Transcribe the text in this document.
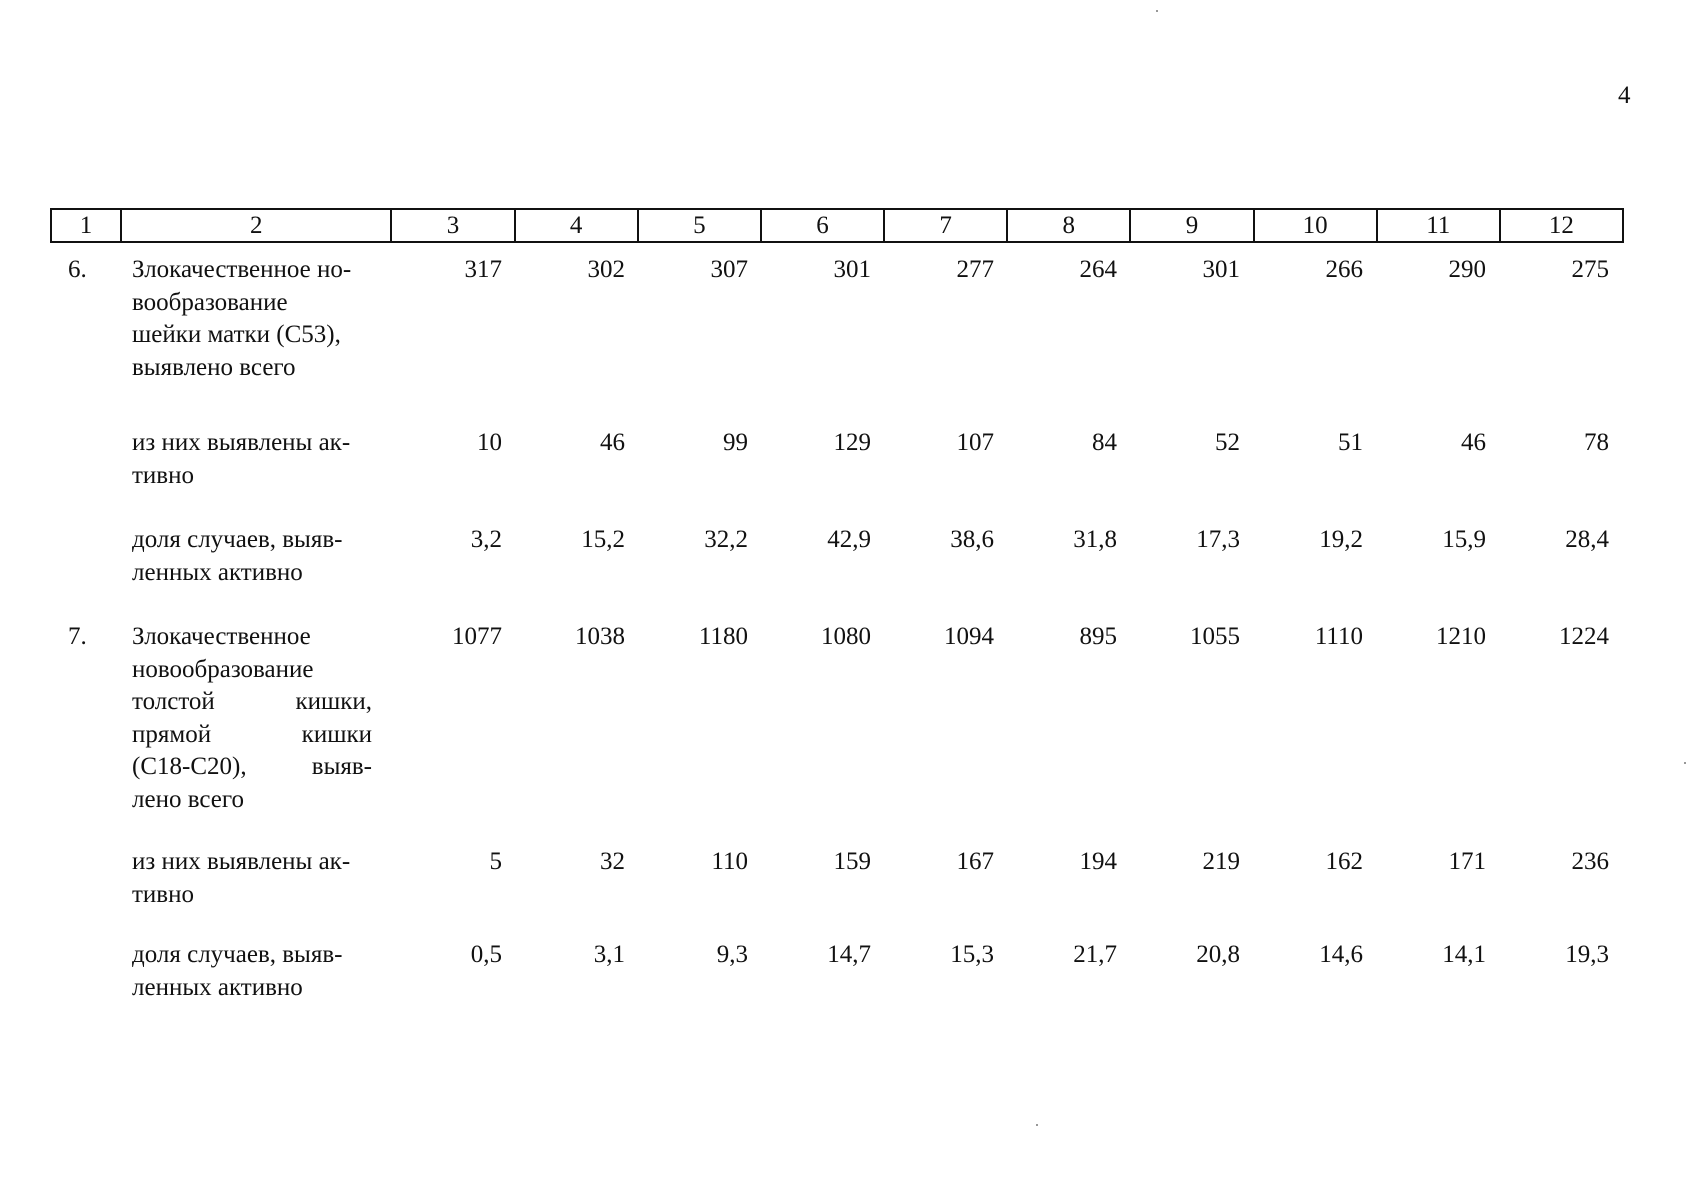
4
1	2	3	4	5	6	7	8	9	10	11	12
6.	Злокачественное но-
вообразование
шейки матки (С53),
выявлено всего
317	302	307	301	277	264	301	266	290	275
из них выявлены ак-
тивно
10	46	99	129	107	84	52	51	46	78
доля случаев, выяв-
ленных активно
3,2	15,2	32,2	42,9	38,6	31,8	17,3	19,2	15,9	28,4
7.	Злокачественное
новообразование
толстой кишки,
прямой кишки
(С18-С20), выяв-
лено всего
1077	1038	1180	1080	1094	895	1055	1110	1210	1224
из них выявлены ак-
тивно
5	32	110	159	167	194	219	162	171	236
доля случаев, выяв-
ленных активно
0,5	3,1	9,3	14,7	15,3	21,7	20,8	14,6	14,1	19,3
